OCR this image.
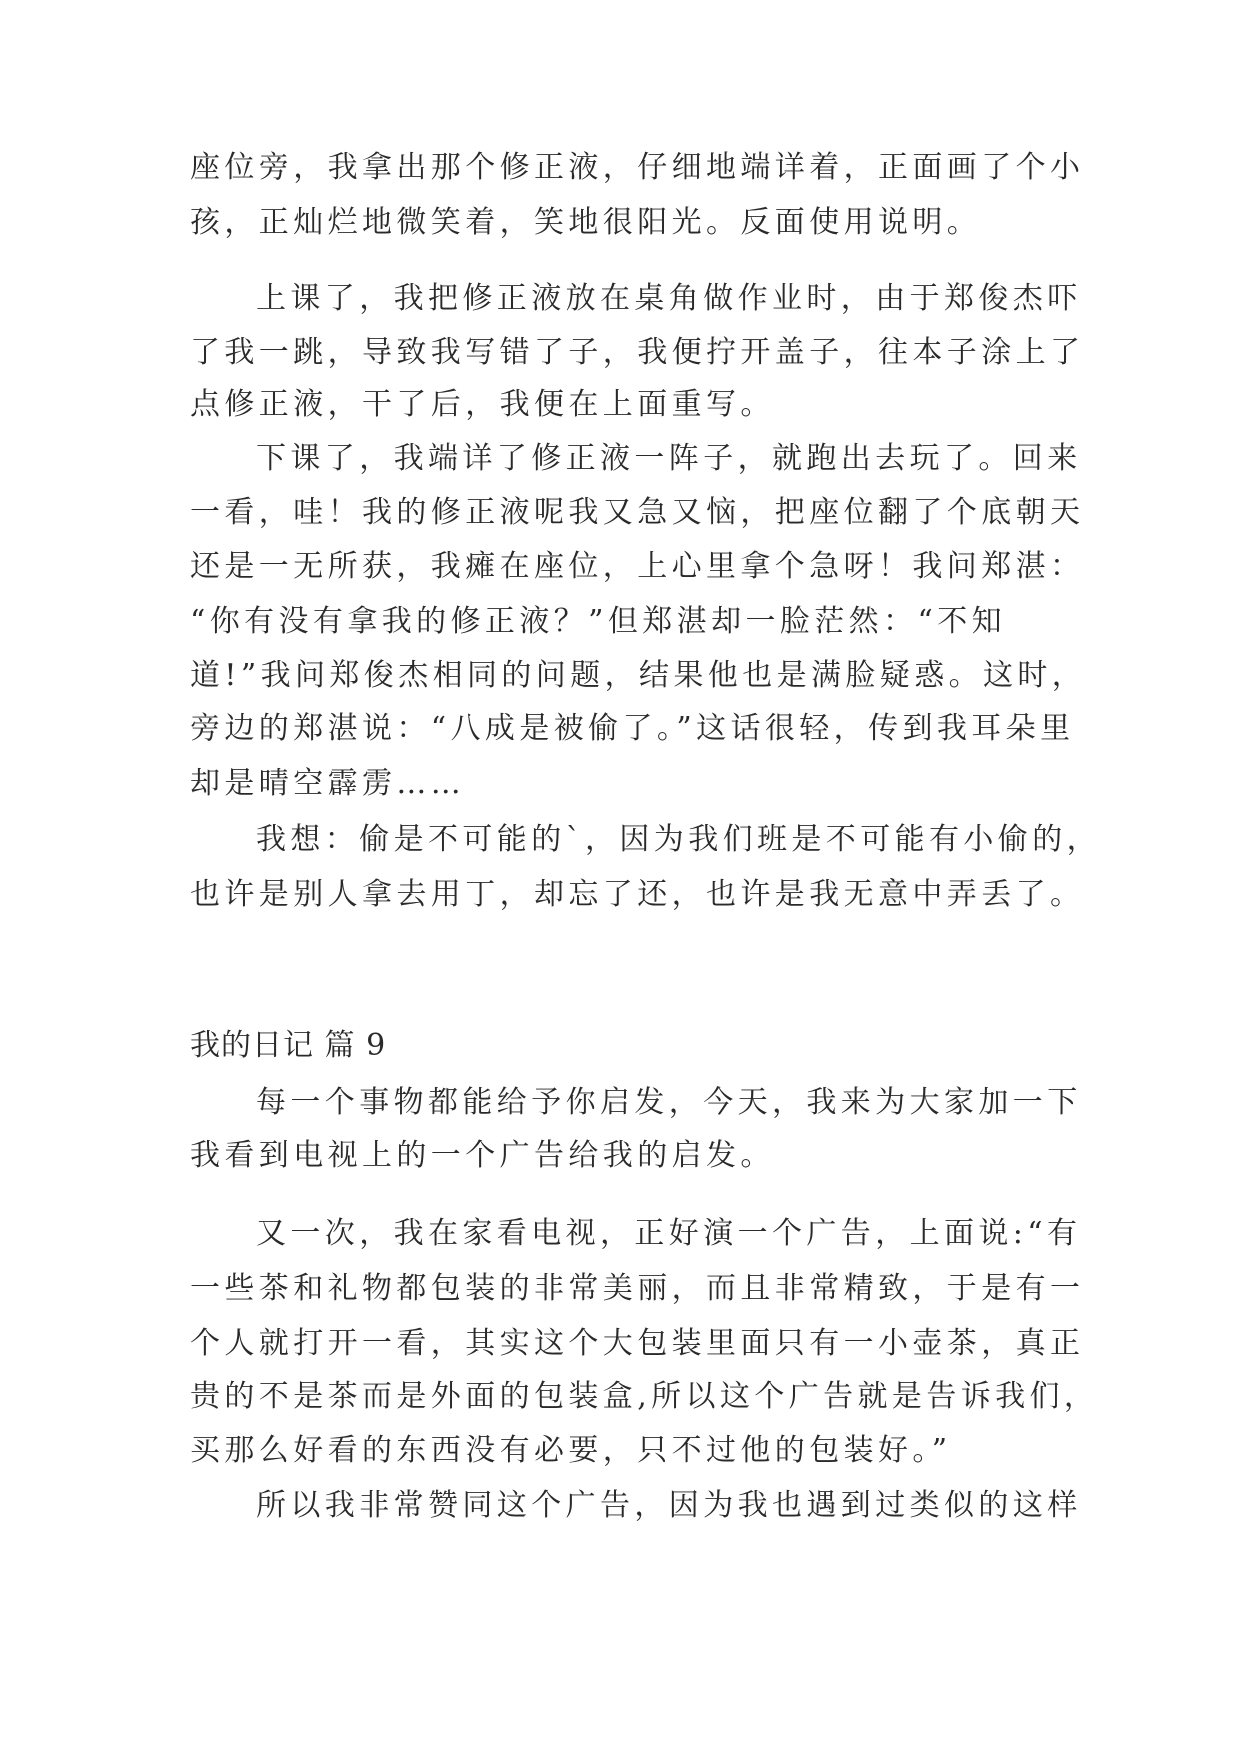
座位旁，我拿出那个修正液，仔细地端详着，正面画了个小
孩，正灿烂地微笑着，笑地很阳光。反面使用说明。
上课了，我把修正液放在桌角做作业时，由于郑俊杰吓
了我一跳，导致我写错了子，我便拧开盖子，往本子涂上了
点修正液，干了后，我便在上面重写。
下课了，我端详了修正液一阵子，就跑出去玩了。回来
一看，哇！我的修正液呢我又急又恼，把座位翻了个底朝天
还是一无所获，我瘫在座位，上心里拿个急呀！我问郑湛：
“你有没有拿我的修正液？”但郑湛却一脸茫然：“不知
道!”我问郑俊杰相同的问题，结果他也是满脸疑惑。这时，
旁边的郑湛说：“八成是被偷了。”这话很轻，传到我耳朵里
却是晴空霹雳……
我想：偷是不可能的`，因为我们班是不可能有小偷的，
也许是别人拿去用丁，却忘了还，也许是我无意中弄丢了。
我的日记 篇 9
每一个事物都能给予你启发，今天，我来为大家加一下
我看到电视上的一个广告给我的启发。
又一次，我在家看电视，正好演一个广告，上面说:“有
一些茶和礼物都包装的非常美丽，而且非常精致，于是有一
个人就打开一看，其实这个大包装里面只有一小壶茶，真正
贵的不是茶而是外面的包装盒,所以这个广告就是告诉我们，
买那么好看的东西没有必要，只不过他的包装好。”
所以我非常赞同这个广告，因为我也遇到过类似的这样
